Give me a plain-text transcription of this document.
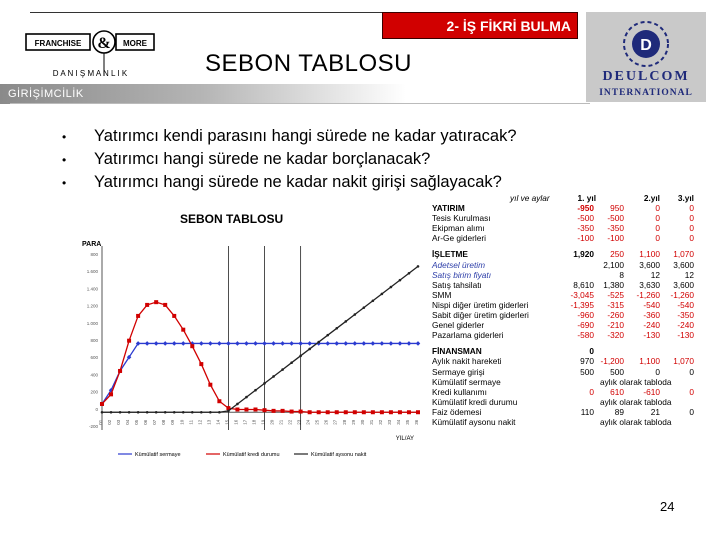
FRANCHISE & MORE
D A N I Ş M A N L I K
2- İŞ FİKRİ BULMA
SEBON TABLOSU
D
DEULCOM
INTERNATIONAL
GİRİŞİMCİLİK
• Yatırımcı kendi parasını hangi sürede ne kadar yatıracak?
• Yatırımcı hangi sürede ne kadar borçlanacak?
• Yatırımcı hangi sürede ne kadar nakit girişi sağlayacak?
SEBON TABLOSU
PARA
800
1.600
1.400
1.200
1.000
800
600
400
200
0
-200
01 02 03 04 05 06 07 08 09 10 11 12 13 14 15 16 17 18 19 20 21 22 23 24 25 26 27 28 29 30 31 32 33 34 35 36
YIL/AY
Kümülatif sermaye	Kümülatif kredi durumu	Kümülatif aysonu nakit
yıl ve aylar	1. yıl	2.yıl 3.yıl
YATIRIM	-950 950	0	0
Tesis Kurulması	-500 -500	0	0
Ekipman alımı	-350 -350	0	0
Ar-Ge giderleri	-100 -100	0	0
İŞLETME	1,920 250 1,100 1,070
Adetsel üretim	2,100 3,600 3,600
Satış birim fiyatı	8	12	12
Satış tahsilatı	8,610 1,380 3,630 3,600
SMM	-3,045 -525 -1,260 -1,260
Nispi diğer üretim giderleri	-1,395 -315 -540 -540
Sabit diğer üretim giderleri	-960 -260 -360 -350
Genel giderler	-690 -210 -240 -240
Pazarlama giderleri	-580 -320 -130 -130
FİNANSMAN	0
Aylık nakit hareketi	970 -1,200 1,100 1,070
Sermaye girişi	500 500	0	0
Kümülatif sermaye	aylık olarak tabloda
Kredi kullanımı	0 610 -610	0
Kümülatif kredi durumu	aylık olarak tabloda
Faiz ödemesi	110	89	21	0
Kümülatif aysonu nakit	aylık olarak tabloda
24
